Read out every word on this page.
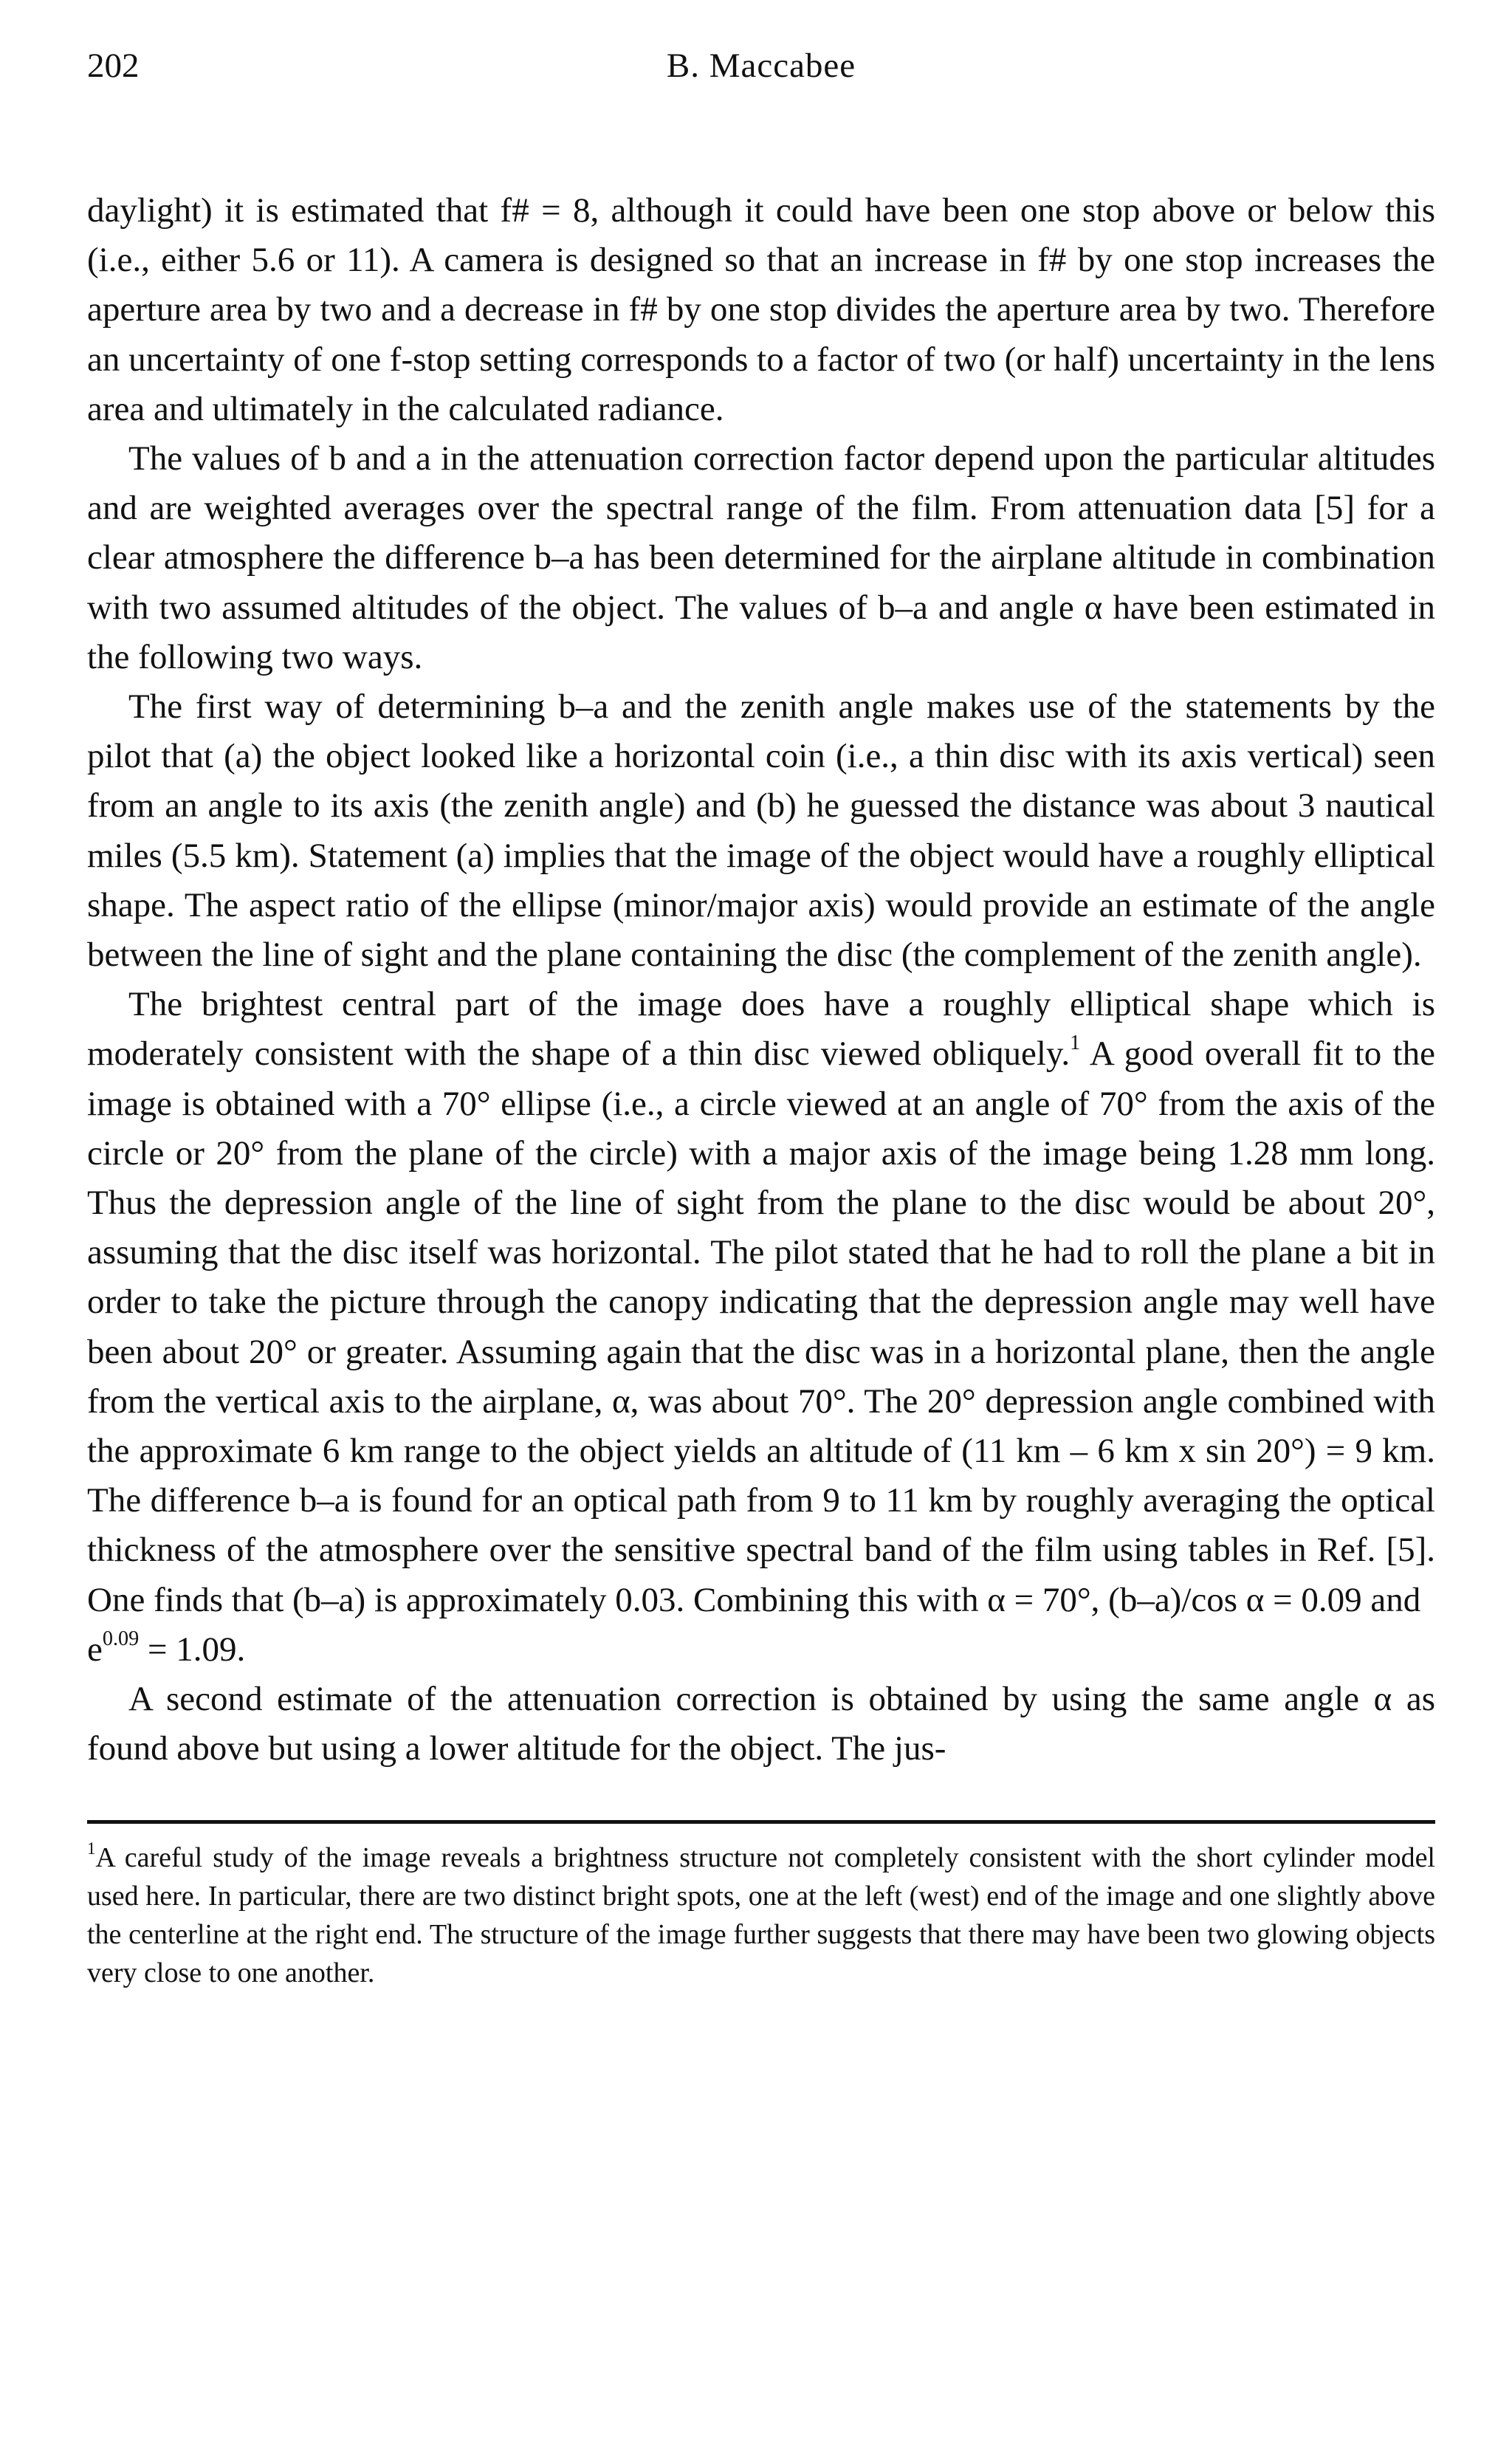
202	B. Maccabee

daylight) it is estimated that f# = 8, although it could have been one stop above or below this (i.e., either 5.6 or 11). A camera is designed so that an increase in f# by one stop increases the aperture area by two and a decrease in f# by one stop divides the aperture area by two. Therefore an uncertainty of one f-stop setting corresponds to a factor of two (or half) uncertainty in the lens area and ultimately in the calculated radiance.

The values of b and a in the attenuation correction factor depend upon the particular altitudes and are weighted averages over the spectral range of the film. From attenuation data [5] for a clear atmosphere the difference b–a has been determined for the airplane altitude in combination with two assumed altitudes of the object. The values of b–a and angle α have been estimated in the following two ways.

The first way of determining b–a and the zenith angle makes use of the statements by the pilot that (a) the object looked like a horizontal coin (i.e., a thin disc with its axis vertical) seen from an angle to its axis (the zenith angle) and (b) he guessed the distance was about 3 nautical miles (5.5 km). Statement (a) implies that the image of the object would have a roughly elliptical shape. The aspect ratio of the ellipse (minor/major axis) would provide an estimate of the angle between the line of sight and the plane containing the disc (the complement of the zenith angle).

The brightest central part of the image does have a roughly elliptical shape which is moderately consistent with the shape of a thin disc viewed obliquely.$^1$ A good overall fit to the image is obtained with a 70° ellipse (i.e., a circle viewed at an angle of 70° from the axis of the circle or 20° from the plane of the circle) with a major axis of the image being 1.28 mm long. Thus the depression angle of the line of sight from the plane to the disc would be about 20°, assuming that the disc itself was horizontal. The pilot stated that he had to roll the plane a bit in order to take the picture through the canopy indicating that the depression angle may well have been about 20° or greater. Assuming again that the disc was in a horizontal plane, then the angle from the vertical axis to the airplane, α, was about 70°. The 20° depression angle combined with the approximate 6 km range to the object yields an altitude of (11 km – 6 km x sin 20°) = 9 km. The difference b–a is found for an optical path from 9 to 11 km by roughly averaging the optical thickness of the atmosphere over the sensitive spectral band of the film using tables in Ref. [5]. One finds that (b–a) is approximately 0.03. Combining this with α = 70°, (b–a)/cos α = 0.09 and
$e^{0.09} = 1.09$.

A second estimate of the attenuation correction is obtained by using the same angle α as found above but using a lower altitude for the object. The jus-

$^1$A careful study of the image reveals a brightness structure not completely consistent with the short cylinder model used here. In particular, there are two distinct bright spots, one at the left (west) end of the image and one slightly above the centerline at the right end. The structure of the image further suggests that there may have been two glowing objects very close to one another.
